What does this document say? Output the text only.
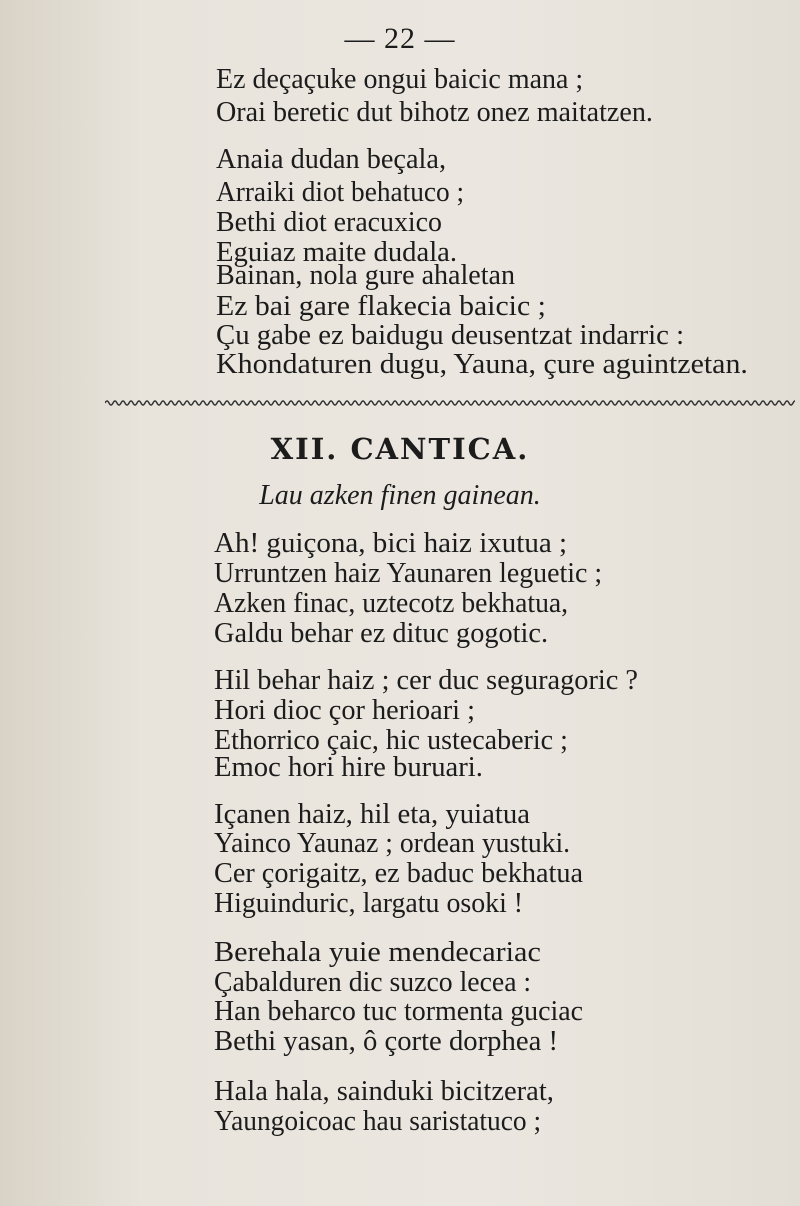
— 22 —
Ez deçaçuke ongui baicic mana ;
Orai beretic dut bihotz onez maitatzen.
Anaia dudan beçala,
Arraiki diot behatuco ;
Bethi diot eracuxico
Eguiaz maite dudala.
Bainan, nola gure ahaletan
Ez bai gare flakecia baicic ;
Çu gabe ez baidugu deusentzat indarric :
Khondaturen dugu, Yauna, çure aguintzetan.
XII. CANTICA.
Lau azken finen gainean.
Ah! guiçona, bici haiz ixutua ;
Urruntzen haiz Yaunaren leguetic ;
Azken finac, uztecotz bekhatua,
Galdu behar ez dituc gogotic.
Hil behar haiz ; cer duc seguragoric ?
Hori dioc çor herioari ;
Ethorrico çaic, hic ustecaberic ;
Emoc hori hire buruari.
Içanen haiz, hil eta, yuiatua
Yainco Yaunaz ; ordean yustuki.
Cer çorigaitz, ez baduc bekhatua
Higuinduric, largatu osoki !
Berehala yuie mendecariac
Çabalduren dic suzco lecea :
Han beharco tuc tormenta guciac
Bethi yasan, ô çorte dorphea !
Hala hala, sainduki bicitzerat,
Yaungoicoac hau saristatuco ;
